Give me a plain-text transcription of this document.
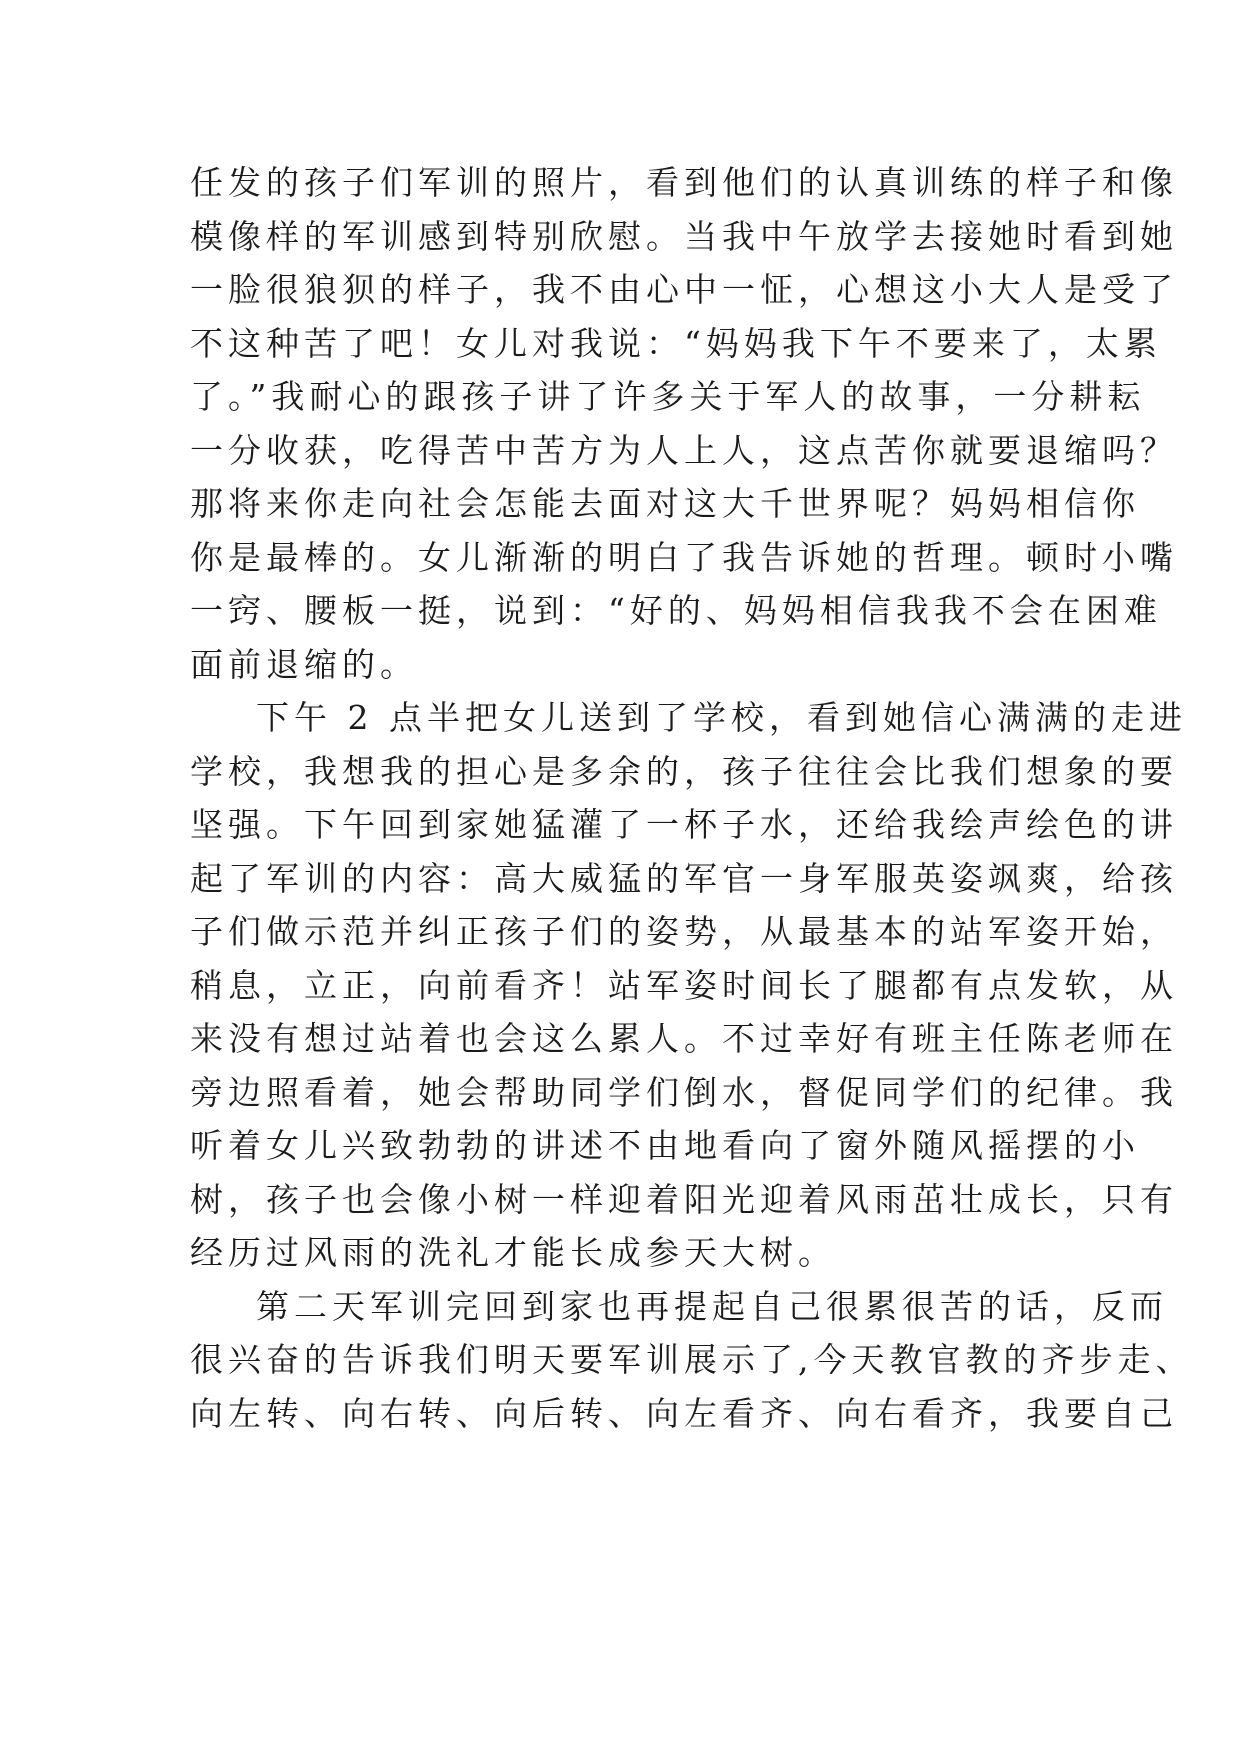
任发的孩子们军训的照片，看到他们的认真训练的样子和像
模像样的军训感到特别欣慰。当我中午放学去接她时看到她
一脸很狼狈的样子，我不由心中一怔，心想这小大人是受了
不这种苦了吧！女儿对我说：“妈妈我下午不要来了，太累
了。”我耐心的跟孩子讲了许多关于军人的故事，一分耕耘
一分收获，吃得苦中苦方为人上人，这点苦你就要退缩吗？
那将来你走向社会怎能去面对这大千世界呢？妈妈相信你
你是最棒的。女儿渐渐的明白了我告诉她的哲理。顿时小嘴
一窍、腰板一挺，说到：“好的、妈妈相信我我不会在困难
面前退缩的。
下午 2 点半把女儿送到了学校，看到她信心满满的走进
学校，我想我的担心是多余的，孩子往往会比我们想象的要
坚强。下午回到家她猛灌了一杯子水，还给我绘声绘色的讲
起了军训的内容：高大威猛的军官一身军服英姿飒爽，给孩
子们做示范并纠正孩子们的姿势，从最基本的站军姿开始，
稍息，立正，向前看齐！站军姿时间长了腿都有点发软，从
来没有想过站着也会这么累人。不过幸好有班主任陈老师在
旁边照看着，她会帮助同学们倒水，督促同学们的纪律。我
听着女儿兴致勃勃的讲述不由地看向了窗外随风摇摆的小
树，孩子也会像小树一样迎着阳光迎着风雨茁壮成长，只有
经历过风雨的洗礼才能长成参天大树。
第二天军训完回到家也再提起自己很累很苦的话，反而
很兴奋的告诉我们明天要军训展示了,今天教官教的齐步走、
向左转、向右转、向后转、向左看齐、向右看齐，我要自己
